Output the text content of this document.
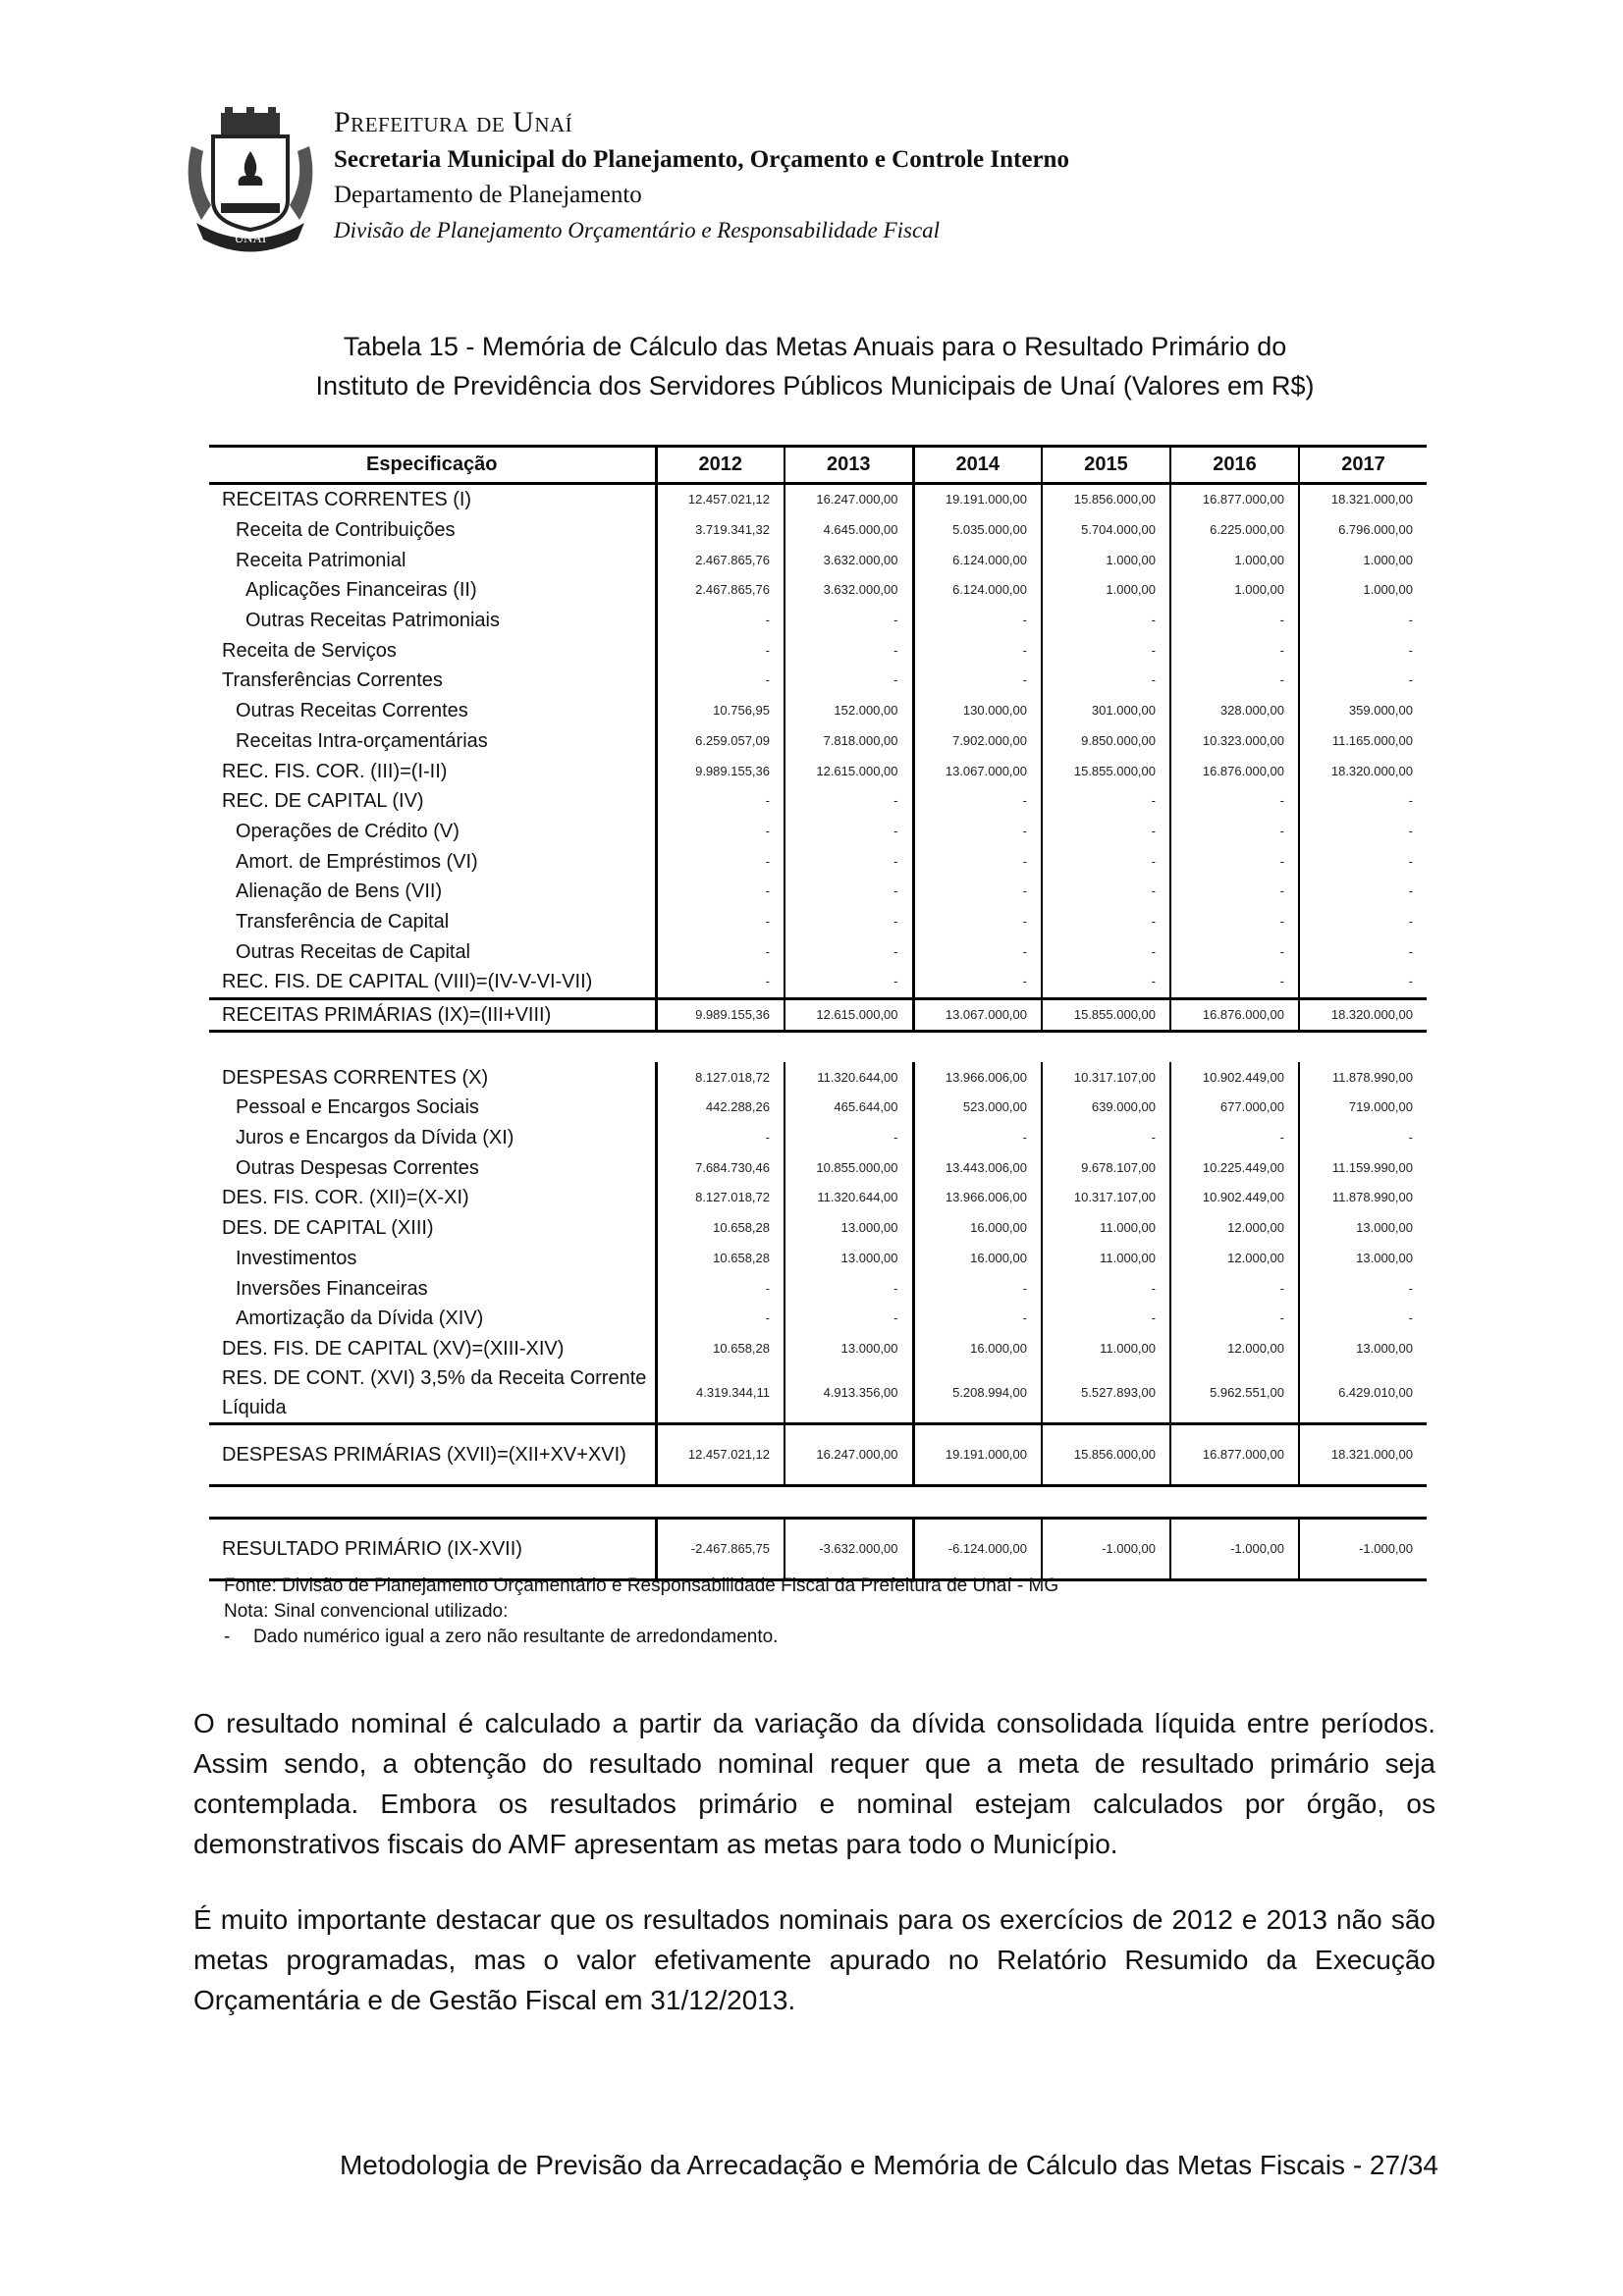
UNAÍ
Prefeitura de Unaí
Secretaria Municipal do Planejamento, Orçamento e Controle Interno
Departamento de Planejamento
Divisão de Planejamento Orçamentário e Responsabilidade Fiscal
Tabela 15 - Memória de Cálculo das Metas Anuais para o Resultado Primário do
Instituto de Previdência dos Servidores Públicos Municipais de Unaí (Valores em R$)
Especificação	2012	2013	2014	2015	2016	2017
RECEITAS CORRENTES (I)	12.457.021,12	16.247.000,00	19.191.000,00	15.856.000,00	16.877.000,00	18.321.000,00
Receita de Contribuições	3.719.341,32	4.645.000,00	5.035.000,00	5.704.000,00	6.225.000,00	6.796.000,00
Receita Patrimonial	2.467.865,76	3.632.000,00	6.124.000,00	1.000,00	1.000,00	1.000,00
Aplicações Financeiras (II)	2.467.865,76	3.632.000,00	6.124.000,00	1.000,00	1.000,00	1.000,00
Outras Receitas Patrimoniais	-	-	-	-	-	-
Receita de Serviços	-	-	-	-	-	-
Transferências Correntes	-	-	-	-	-	-
Outras Receitas Correntes	10.756,95	152.000,00	130.000,00	301.000,00	328.000,00	359.000,00
Receitas Intra-orçamentárias	6.259.057,09	7.818.000,00	7.902.000,00	9.850.000,00	10.323.000,00	11.165.000,00
REC. FIS. COR. (III)=(I-II)	9.989.155,36	12.615.000,00	13.067.000,00	15.855.000,00	16.876.000,00	18.320.000,00
REC. DE CAPITAL (IV)	-	-	-	-	-	-
Operações de Crédito (V)	-	-	-	-	-	-
Amort. de Empréstimos (VI)	-	-	-	-	-	-
Alienação de Bens (VII)	-	-	-	-	-	-
Transferência de Capital	-	-	-	-	-	-
Outras Receitas de Capital	-	-	-	-	-	-
REC. FIS. DE CAPITAL (VIII)=(IV-V-VI-VII)	-	-	-	-	-	-
RECEITAS PRIMÁRIAS (IX)=(III+VIII)	9.989.155,36	12.615.000,00	13.067.000,00	15.855.000,00	16.876.000,00	18.320.000,00

DESPESAS CORRENTES (X)	8.127.018,72	11.320.644,00	13.966.006,00	10.317.107,00	10.902.449,00	11.878.990,00
Pessoal e Encargos Sociais	442.288,26	465.644,00	523.000,00	639.000,00	677.000,00	719.000,00
Juros e Encargos da Dívida (XI)	-	-	-	-	-	-
Outras Despesas Correntes	7.684.730,46	10.855.000,00	13.443.006,00	9.678.107,00	10.225.449,00	11.159.990,00
DES. FIS. COR. (XII)=(X-XI)	8.127.018,72	11.320.644,00	13.966.006,00	10.317.107,00	10.902.449,00	11.878.990,00
DES. DE CAPITAL (XIII)	10.658,28	13.000,00	16.000,00	11.000,00	12.000,00	13.000,00
Investimentos	10.658,28	13.000,00	16.000,00	11.000,00	12.000,00	13.000,00
Inversões Financeiras	-	-	-	-	-	-
Amortização da Dívida (XIV)	-	-	-	-	-	-
DES. FIS. DE CAPITAL (XV)=(XIII-XIV)	10.658,28	13.000,00	16.000,00	11.000,00	12.000,00	13.000,00
RES. DE CONT. (XVI) 3,5% da Receita Corrente Líquida	4.319.344,11	4.913.356,00	5.208.994,00	5.527.893,00	5.962.551,00	6.429.010,00
DESPESAS PRIMÁRIAS (XVII)=(XII+XV+XVI)	12.457.021,12	16.247.000,00	19.191.000,00	15.856.000,00	16.877.000,00	18.321.000,00

RESULTADO PRIMÁRIO (IX-XVII)	-2.467.865,75	-3.632.000,00	-6.124.000,00	-1.000,00	-1.000,00	-1.000,00
Fonte: Divisão de Planejamento Orçamentário e Responsabilidade Fiscal da Prefeitura de Unaí - MG
Nota: Sinal convencional utilizado:
- Dado numérico igual a zero não resultante de arredondamento.
O resultado nominal é calculado a partir da variação da dívida consolidada líquida entre períodos. Assim sendo, a obtenção do resultado nominal requer que a meta de resultado primário seja contemplada. Embora os resultados primário e nominal estejam calculados por órgão, os demonstrativos fiscais do AMF apresentam as metas para todo o Município.
É muito importante destacar que os resultados nominais para os exercícios de 2012 e 2013 não são metas programadas, mas o valor efetivamente apurado no Relatório Resumido da Execução Orçamentária e de Gestão Fiscal em 31/12/2013.
Metodologia de Previsão da Arrecadação e Memória de Cálculo das Metas Fiscais - 27/34
